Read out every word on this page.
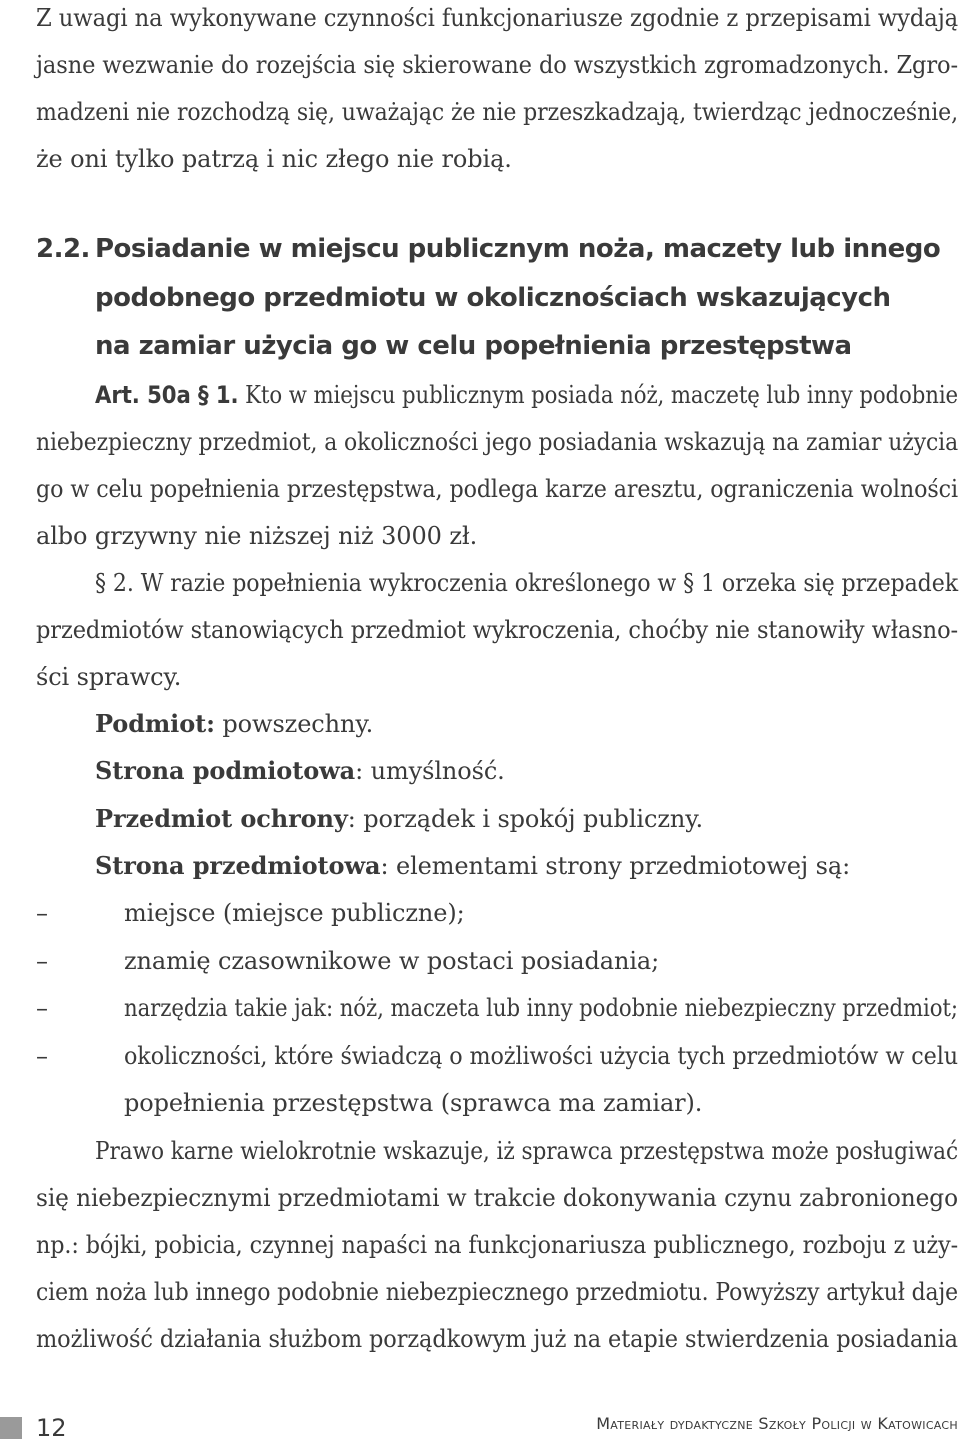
Z uwagi na wykonywane czynności funkcjonariusze zgodnie z przepisami wydają
jasne wezwanie do rozejścia się skierowane do wszystkich zgromadzonych. Zgro-
madzeni nie rozchodzą się, uważając że nie przeszkadzają, twierdząc jednocześnie,
że oni tylko patrzą i nic złego nie robią.
2.2. Posiadanie w miejscu publicznym noża, maczety lub innego
podobnego przedmiotu w okolicznościach wskazujących
na zamiar użycia go w celu popełnienia przestępstwa
Art. 50a § 1. Kto w miejscu publicznym posiada nóż, maczetę lub inny podobnie
niebezpieczny przedmiot, a okoliczności jego posiadania wskazują na zamiar użycia
go w celu popełnienia przestępstwa, podlega karze aresztu, ograniczenia wolności
albo grzywny nie niższej niż 3000 zł.
§ 2. W razie popełnienia wykroczenia określonego w § 1 orzeka się przepadek
przedmiotów stanowiących przedmiot wykroczenia, choćby nie stanowiły własno-
ści sprawcy.
Podmiot: powszechny.
Strona podmiotowa: umyślność.
Przedmiot ochrony: porządek i spokój publiczny.
Strona przedmiotowa: elementami strony przedmiotowej są:
–	miejsce (miejsce publiczne);
–	znamię czasownikowe w postaci posiadania;
–	narzędzia takie jak: nóż, maczeta lub inny podobnie niebezpieczny przedmiot;
–	okoliczności, które świadczą o możliwości użycia tych przedmiotów w celu
popełnienia przestępstwa (sprawca ma zamiar).
Prawo karne wielokrotnie wskazuje, iż sprawca przestępstwa może posługiwać
się niebezpiecznymi przedmiotami w trakcie dokonywania czynu zabronionego
np.: bójki, pobicia, czynnej napaści na funkcjonariusza publicznego, rozboju z uży-
ciem noża lub innego podobnie niebezpiecznego przedmiotu. Powyższy artykuł daje
możliwość działania służbom porządkowym już na etapie stwierdzenia posiadania
12	Materiały dydaktyczne Szkoły Policji w Katowicach
